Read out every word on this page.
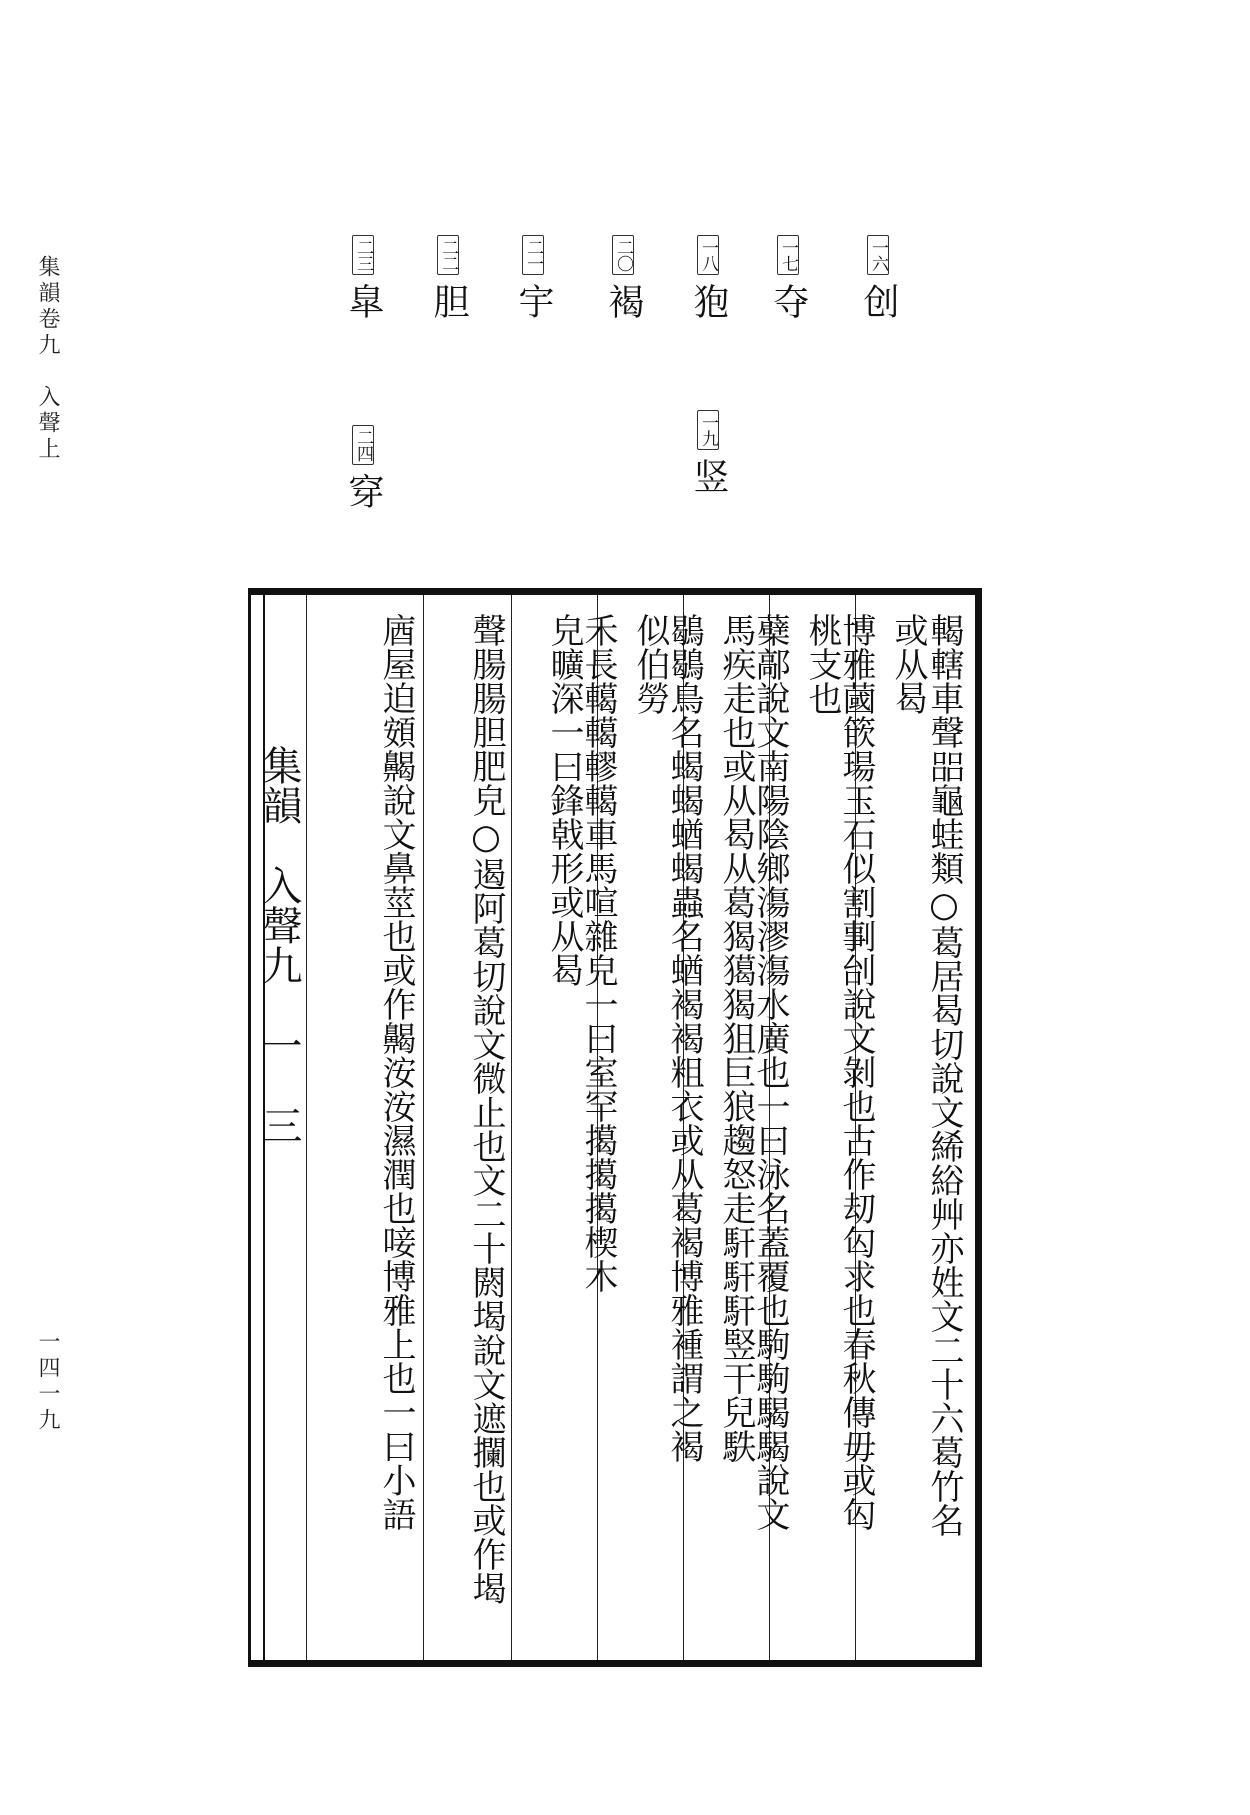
集韻卷九　入聲上
一四一九
一六创
一七夺
一八狍
一九竖
二〇褐
二一宇
二二胆
二三皐
二四穿
集韻　入聲九　一　三	輵轄車聲㗊龜蛙類○葛居曷切說文絺綌艸亦姓文二十六葛竹名
或从曷
博雅蔮篏瑒玉石似割剚刣說文剝也古作刧匃求也春秋傳毋或匃
桃支也
蘗鄗說文南陽陰鄉漡漻漡水廣也一曰泳名蓋覆也駒駒騔騔說文
馬疾走也或从曷从葛猲獦猲狙巨狼趨怒走馯馯馯竪干兒䭿
鶡鶡鳥名蝎蝎蝤蝎蟲名蝤褐褐粗衣或从葛褐博雅褈謂之褐
似伯勞
禾長轕轕轇轕車馬喧雜皃一曰室罕擖擖擖楔木
皃曠深一曰鋒戟形或从曷
聲腸腸胆肥皃○遏阿葛切說文微止也文二十閼堨說文遮攔也或作堨
庮屋迫頞齃說文鼻莖也或作齃洝洝濕潤也唼博雅上也一曰小語
